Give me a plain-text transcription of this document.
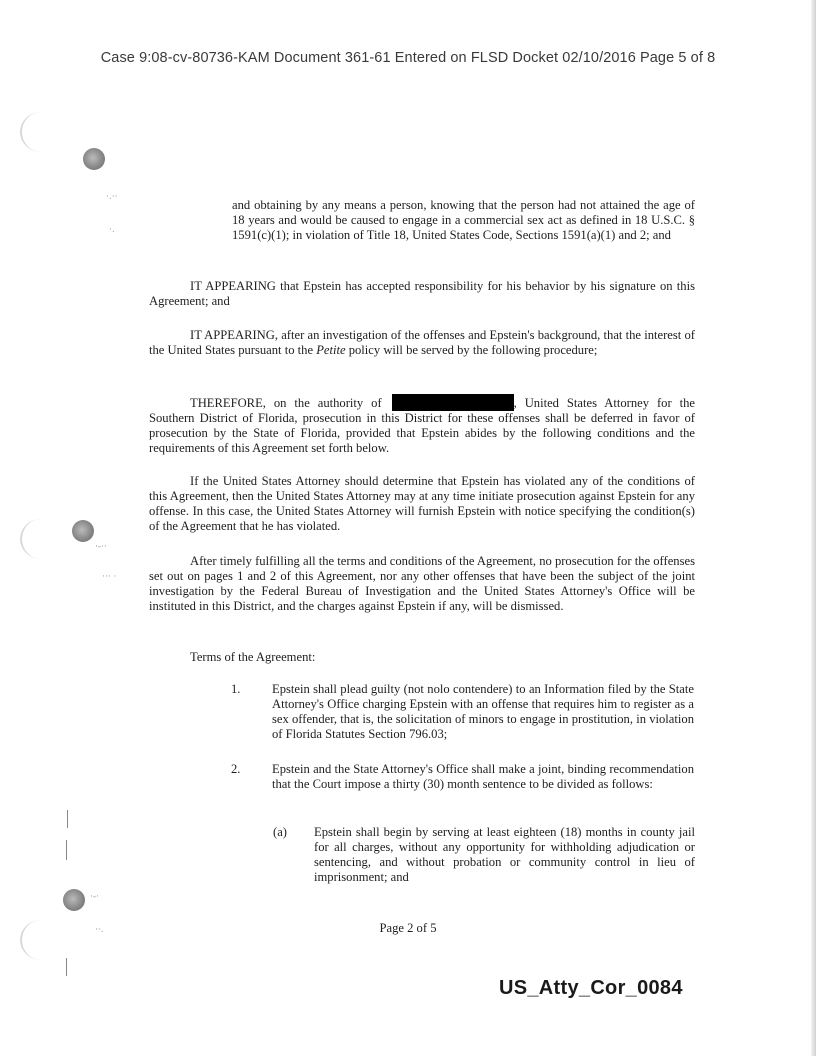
Case 9:08-cv-80736-KAM Document 361-61 Entered on FLSD Docket 02/10/2016 Page 5 of 8
·.··
·.
·-··
··· ·
·-·
··.
and obtaining by any means a person, knowing that the person had not attained the age of 18 years and would be caused to engage in a commercial sex act as defined in 18 U.S.C. § 1591(c)(1); in violation of Title 18, United States Code, Sections 1591(a)(1) and 2; and
IT APPEARING that Epstein has accepted responsibility for his behavior by his signature on this Agreement; and
IT APPEARING, after an investigation of the offenses and Epstein's background, that the interest of the United States pursuant to the Petite policy will be served by the following procedure;
THEREFORE, on the authority of	, United States Attorney for the Southern District of Florida, prosecution in this District for these offenses shall be deferred in favor of prosecution by the State of Florida, provided that Epstein abides by the following conditions and the requirements of this Agreement set forth below.
If the United States Attorney should determine that Epstein has violated any of the conditions of this Agreement, then the United States Attorney may at any time initiate prosecution against Epstein for any offense. In this case, the United States Attorney will furnish Epstein with notice specifying the condition(s) of the Agreement that he has violated.
After timely fulfilling all the terms and conditions of the Agreement, no prosecution for the offenses set out on pages 1 and 2 of this Agreement, nor any other offenses that have been the subject of the joint investigation by the Federal Bureau of Investigation and the United States Attorney's Office will be instituted in this District, and the charges against Epstein if any, will be dismissed.
Terms of the Agreement:
1.	Epstein shall plead guilty (not nolo contendere) to an Information filed by the State Attorney's Office charging Epstein with an offense that requires him to register as a sex offender, that is, the solicitation of minors to engage in prostitution, in violation of Florida Statutes Section 796.03;
2.	Epstein and the State Attorney's Office shall make a joint, binding recommendation that the Court impose a thirty (30) month sentence to be divided as follows:
(a) Epstein shall begin by serving at least eighteen (18) months in county jail for all charges, without any opportunity for withholding adjudication or sentencing, and without probation or community control in lieu of imprisonment; and
Page 2 of 5
US_Atty_Cor_0084
